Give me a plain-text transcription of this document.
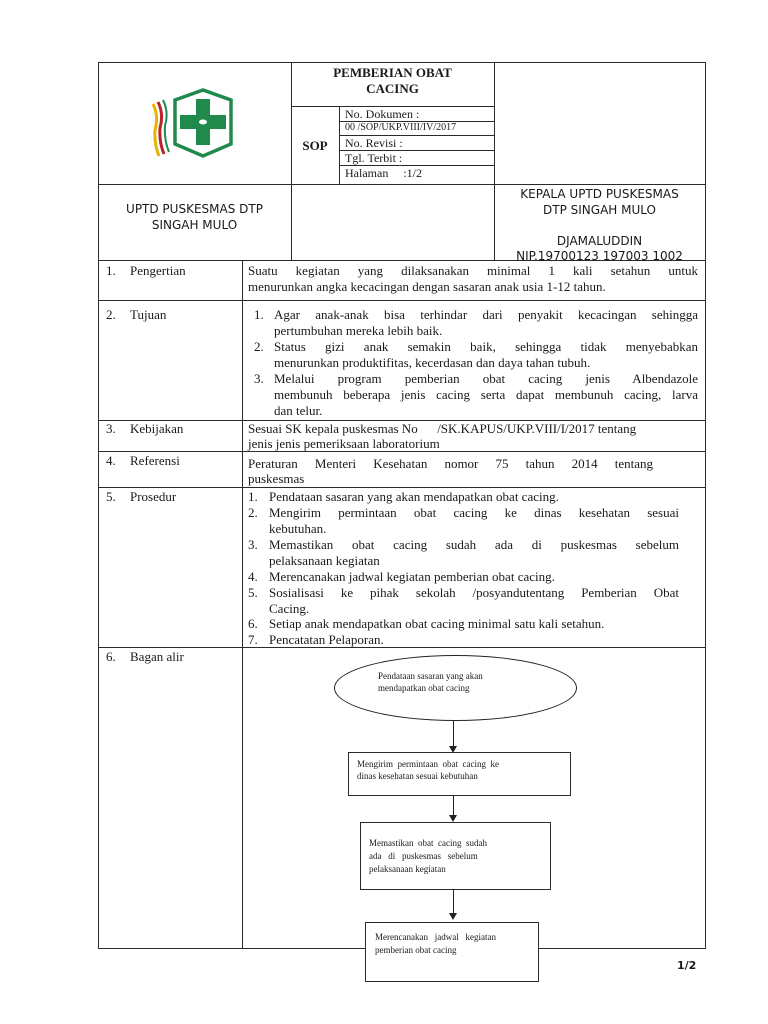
PEMBERIAN OBAT
CACING
SOP
No. Dokumen :
00 /SOP/UKP.VIII/IV/2017
No. Revisi :
Tgl. Terbit :
Halaman     :1/2
UPTD PUSKESMAS DTP
SINGAH MULO
KEPALA UPTD PUSKESMAS
DTP SINGAH MULO
DJAMALUDDIN
NIP.19700123 197003 1002
1. Pengertian	Suatu kegiatan yang dilaksanakan minimal 1 kali setahun untuk
menurunkan angka kecacingan dengan sasaran anak usia 1-12 tahun.
2. Tujuan	1. Agar anak-anak bisa terhindar dari penyakit kecacingan sehingga
pertumbuhan mereka lebih baik.
2. Status gizi anak semakin baik, sehingga tidak menyebabkan
menurunkan produktifitas, kecerdasan dan daya tahan tubuh.
3. Melalui program pemberian obat cacing jenis Albendazole
membunuh beberapa jenis cacing serta dapat membunuh cacing, larva
dan telur.
3. Kebijakan	Sesuai SK kepala puskesmas No      /SK.KAPUS/UKP.VIII/I/2017 tentang
jenis jenis pemeriksaan laboratorium
4. Referensi	Peraturan Menteri Kesehatan nomor 75 tahun 2014 tentang
puskesmas
5. Prosedur	1. Pendataan sasaran yang akan mendapatkan obat cacing.
2. Mengirim permintaan obat cacing ke dinas kesehatan sesuai
kebutuhan.
3. Memastikan obat cacing sudah ada di puskesmas sebelum
pelaksanaan kegiatan
4. Merencanakan jadwal kegiatan pemberian obat cacing.
5. Sosialisasi ke pihak sekolah /posyandutentang Pemberian Obat
Cacing.
6. Setiap anak mendapatkan obat cacing minimal satu kali setahun.
7. Pencatatan Pelaporan.
6. Bagan alir
Pendataan sasaran yang akan
mendapatkan obat cacing
Mengirim  permintaan  obat  cacing  ke
dinas kesehatan sesuai kebutuhan
Memastikan  obat  cacing  sudah
ada   di   puskesmas   sebelum
pelaksanaan kegiatan
Merencanakan   jadwal   kegiatan
pemberian obat cacing
1/2
